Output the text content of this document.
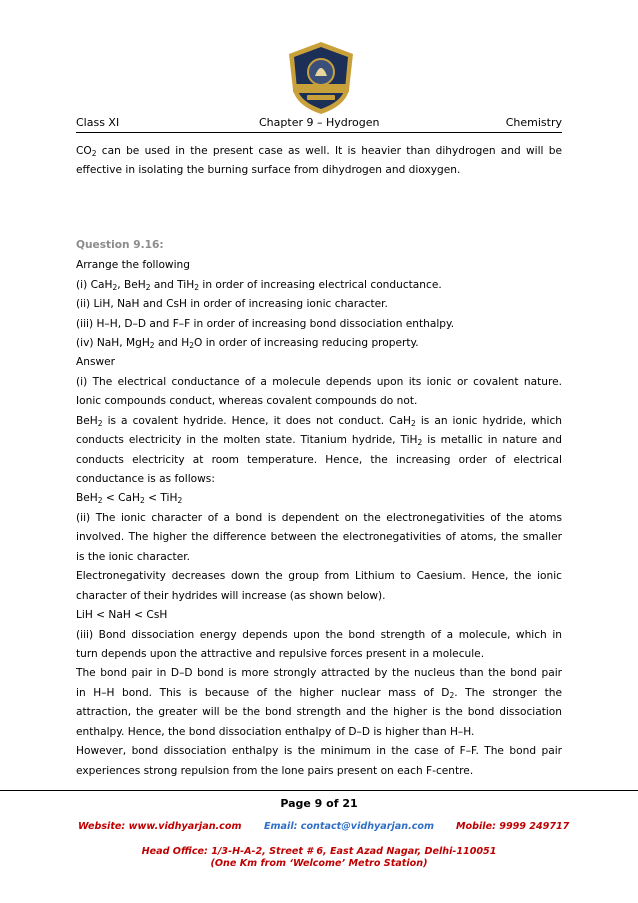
Class XI	Chapter 9 – Hydrogen	Chemistry
$CO_2$ can be used in the present case as well. It is heavier than dihydrogen and will be
effective in isolating the burning surface from dihydrogen and dioxygen.
Question 9.16:
Arrange the following
(i) CaH$_2$, BeH$_2$ and TiH$_2$ in order of increasing electrical conductance.
(ii) LiH, NaH and CsH in order of increasing ionic character.
(iii) H–H, D–D and F–F in order of increasing bond dissociation enthalpy.
(iv) NaH, MgH$_2$ and $H_2O$ in order of increasing reducing property.
Answer
(i) The electrical conductance of a molecule depends upon its ionic or covalent nature.
Ionic compounds conduct, whereas covalent compounds do not.
BeH$_2$ is a covalent hydride. Hence, it does not conduct. CaH$_2$ is an ionic hydride, which
conducts electricity in the molten state. Titanium hydride, TiH$_2$ is metallic in nature and
conducts electricity at room temperature. Hence, the increasing order of electrical
conductance is as follows:
BeH$_2$ < CaH$_2$ < TiH$_2$
(ii) The ionic character of a bond is dependent on the electronegativities of the atoms
involved. The higher the difference between the electronegativities of atoms, the smaller
is the ionic character.
Electronegativity decreases down the group from Lithium to Caesium. Hence, the ionic
character of their hydrides will increase (as shown below).
LiH < NaH < CsH
(iii) Bond dissociation energy depends upon the bond strength of a molecule, which in
turn depends upon the attractive and repulsive forces present in a molecule.
The bond pair in D–D bond is more strongly attracted by the nucleus than the bond pair
in H–H bond. This is because of the higher nuclear mass of $D_2$. The stronger the
attraction, the greater will be the bond strength and the higher is the bond dissociation
enthalpy. Hence, the bond dissociation enthalpy of D–D is higher than H–H.
However, bond dissociation enthalpy is the minimum in the case of F–F. The bond pair
experiences strong repulsion from the lone pairs present on each F-centre.
Page 9 of 21
Website: www.vidhyarjan.com Email: contact@vidhyarjan.com Mobile: 9999 249717
Head Office: 1/3-H-A-2, Street # 6, East Azad Nagar, Delhi-110051
(One Km from ‘Welcome’ Metro Station)
